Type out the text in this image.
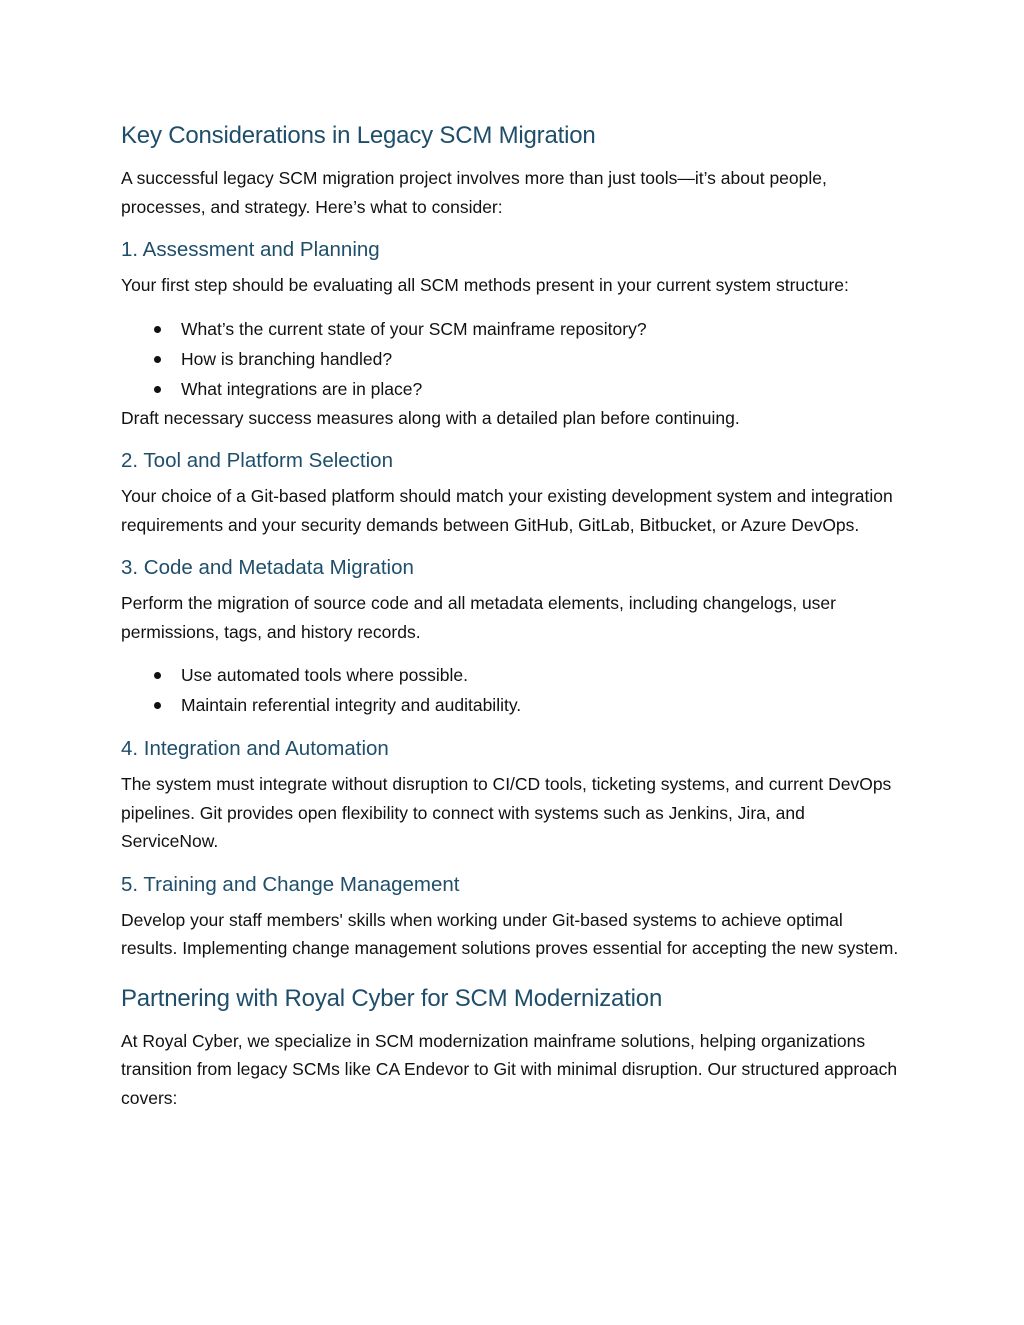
Key Considerations in Legacy SCM Migration

A successful legacy SCM migration project involves more than just tools—it’s about people, processes, and strategy. Here’s what to consider:

1. Assessment and Planning

Your first step should be evaluating all SCM methods present in your current system structure:

What’s the current state of your SCM mainframe repository?
How is branching handled?
What integrations are in place?

Draft necessary success measures along with a detailed plan before continuing.

2. Tool and Platform Selection

Your choice of a Git-based platform should match your existing development system and integration requirements and your security demands between GitHub, GitLab, Bitbucket, or Azure DevOps.

3. Code and Metadata Migration

Perform the migration of source code and all metadata elements, including changelogs, user permissions, tags, and history records.

Use automated tools where possible.
Maintain referential integrity and auditability.
4. Integration and Automation

The system must integrate without disruption to CI/CD tools, ticketing systems, and current DevOps pipelines. Git provides open flexibility to connect with systems such as Jenkins, Jira, and ServiceNow.

5. Training and Change Management

Develop your staff members' skills when working under Git-based systems to achieve optimal results. Implementing change management solutions proves essential for accepting the new system.

Partnering with Royal Cyber for SCM Modernization

At Royal Cyber, we specialize in SCM modernization mainframe solutions, helping organizations transition from legacy SCMs like CA Endevor to Git with minimal disruption. Our structured approach covers:
